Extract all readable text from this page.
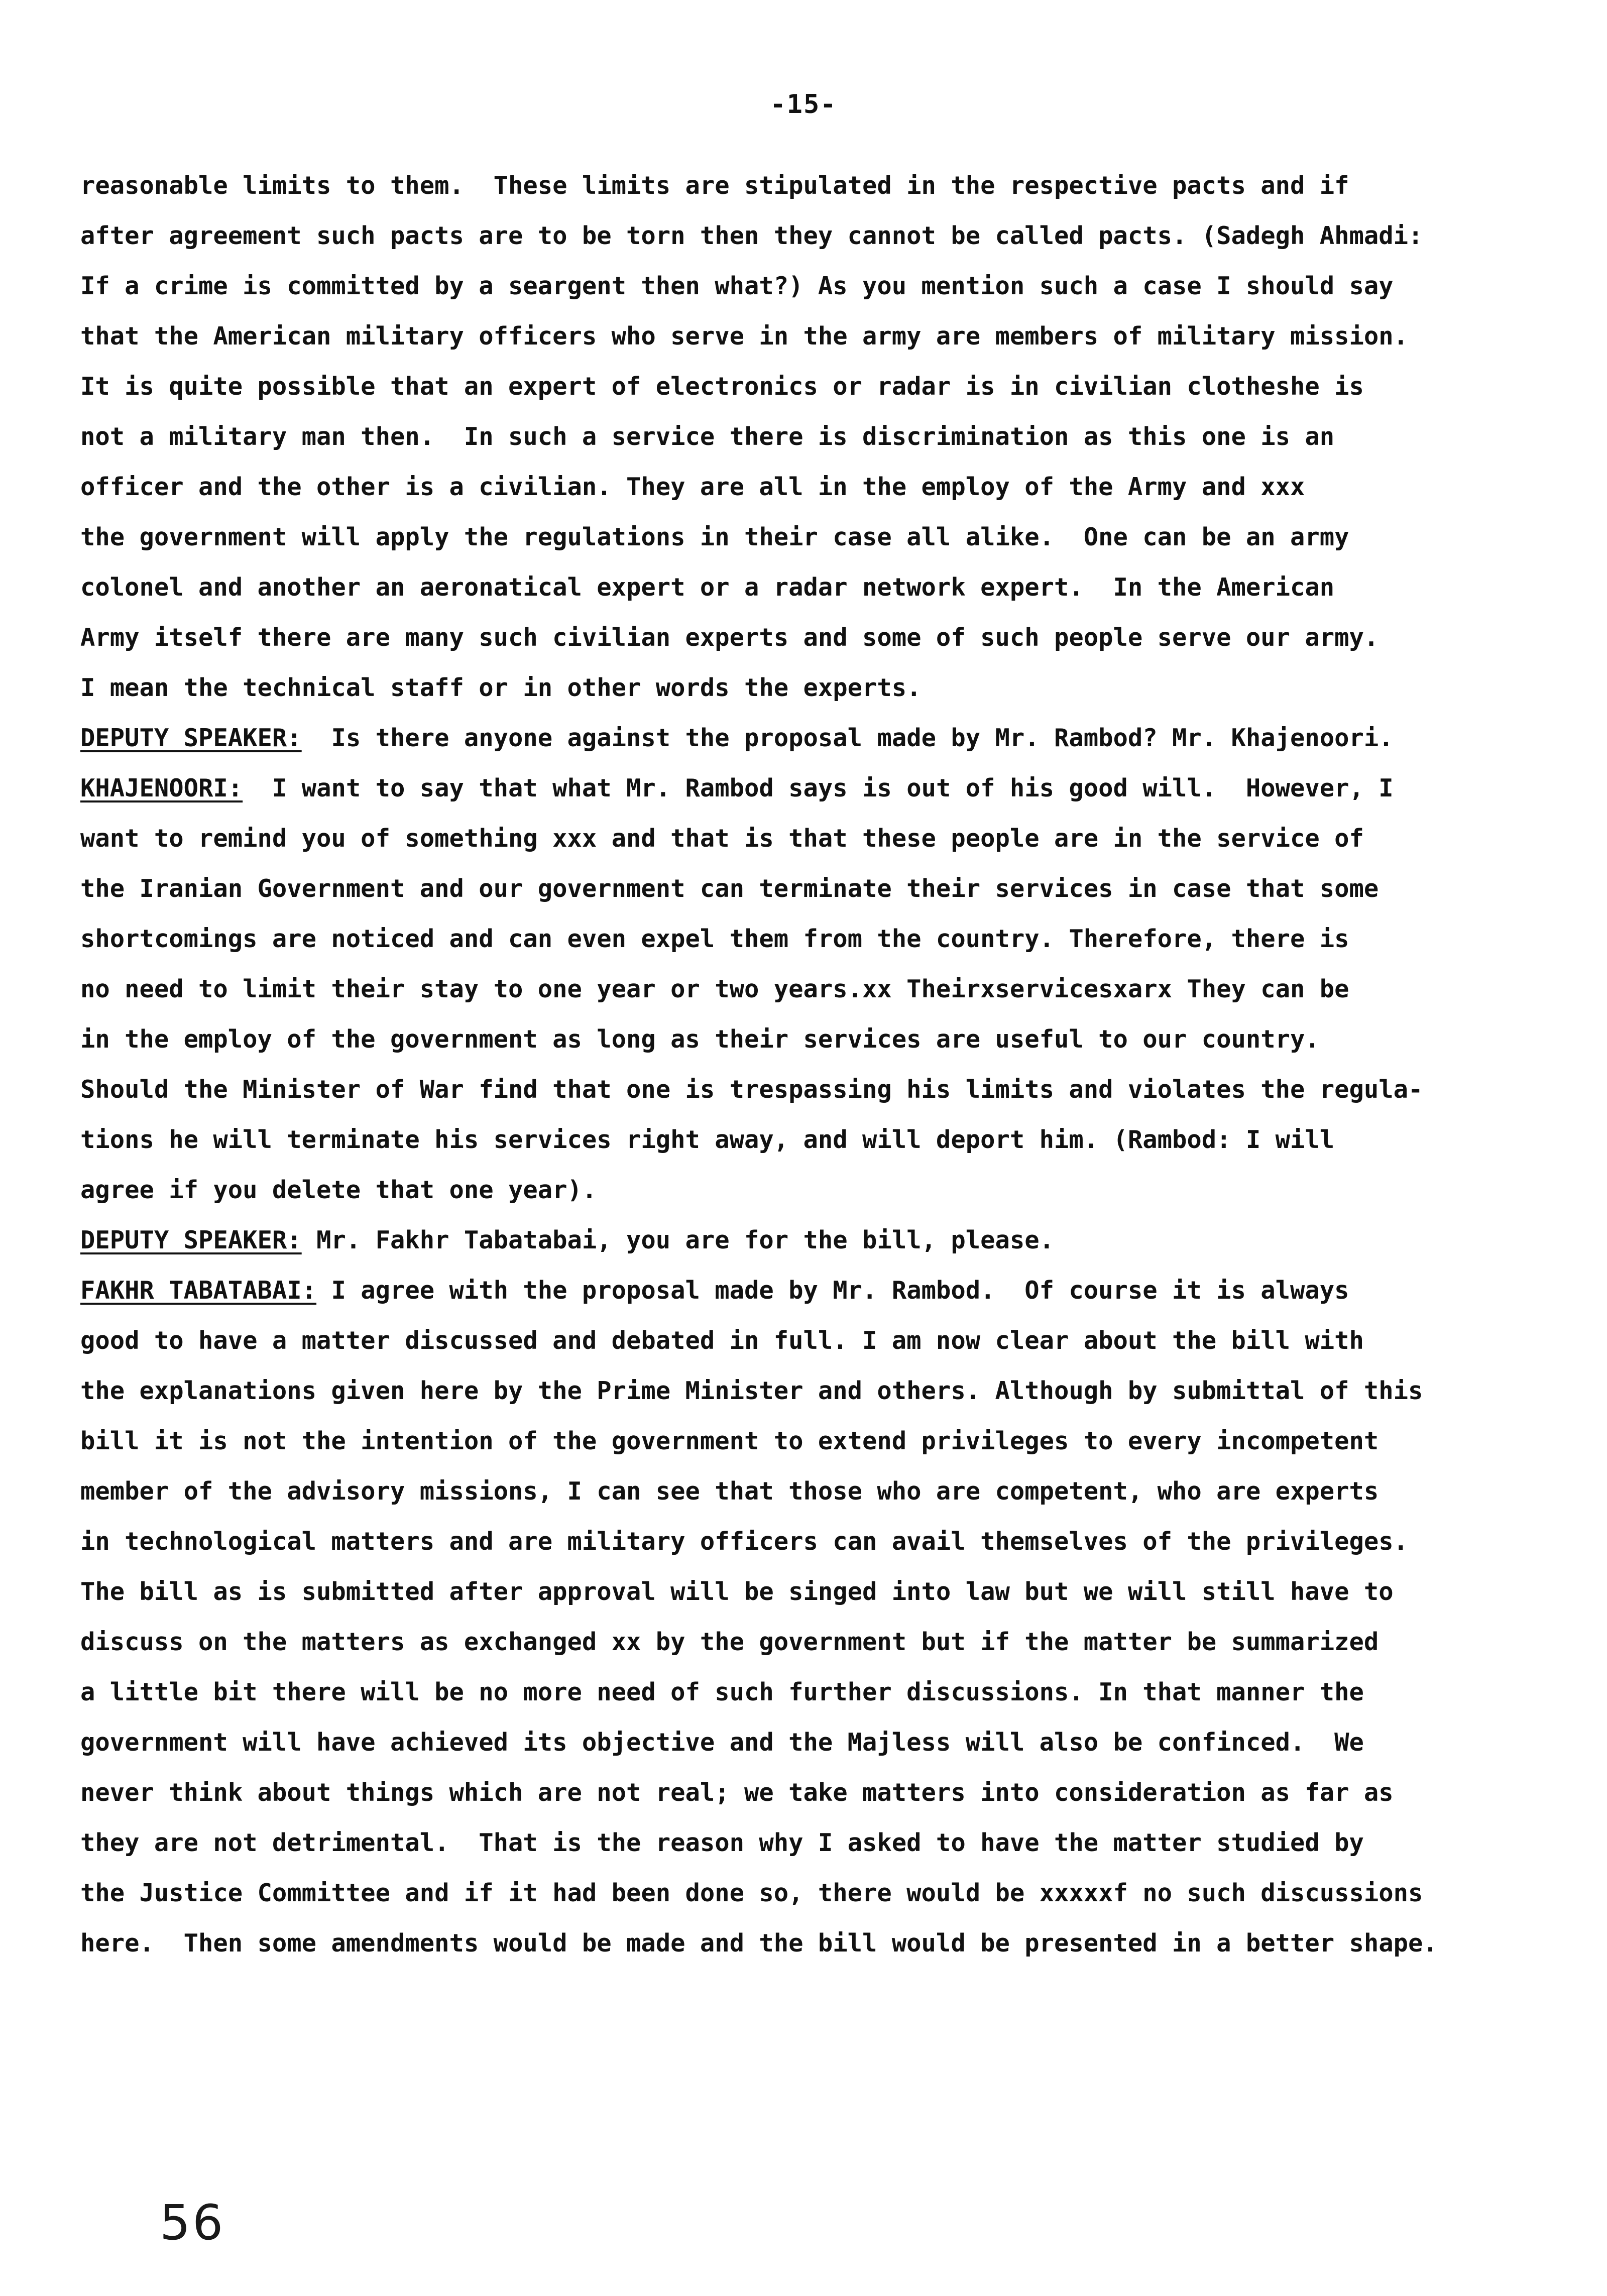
-15-
reasonable limits to them.  These limits are stipulated in the respective pacts and if
after agreement such pacts are to be torn then they cannot be called pacts. (Sadegh Ahmadi:
If a crime is committed by a seargent then what?) As you mention such a case I should say
that the American military officers who serve in the army are members of military mission.
It is quite possible that an expert of electronics or radar is in civilian clotheshe is
not a military man then.  In such a service there is discrimination as this one is an
officer and the other is a civilian. They are all in the employ of the Army and xxx
the government will apply the regulations in their case all alike.  One can be an army
colonel and another an aeronatical expert or a radar network expert.  In the American
Army itself there are many such civilian experts and some of such people serve our army.
I mean the technical staff or in other words the experts.
DEPUTY SPEAKER:  Is there anyone against the proposal made by Mr. Rambod? Mr. Khajenoori.
KHAJENOORI:  I want to say that what Mr. Rambod says is out of his good will.  However, I
want to remind you of something xxx and that is that these people are in the service of
the Iranian Government and our government can terminate their services in case that some
shortcomings are noticed and can even expel them from the country. Therefore, there is
no need to limit their stay to one year or two years.xx Theirxservicesxarx They can be
in the employ of the government as long as their services are useful to our country.
Should the Minister of War find that one is trespassing his limits and violates the regula-
tions he will terminate his services right away, and will deport him. (Rambod: I will
agree if you delete that one year).
DEPUTY SPEAKER: Mr. Fakhr Tabatabai, you are for the bill, please.
FAKHR TABATABAI: I agree with the proposal made by Mr. Rambod.  Of course it is always
good to have a matter discussed and debated in full. I am now clear about the bill with
the explanations given here by the Prime Minister and others. Although by submittal of this
bill it is not the intention of the government to extend privileges to every incompetent
member of the advisory missions, I can see that those who are competent, who are experts
in technological matters and are military officers can avail themselves of the privileges.
The bill as is submitted after approval will be singed into law but we will still have to
discuss on the matters as exchanged xx by the government but if the matter be summarized
a little bit there will be no more need of such further discussions. In that manner the
government will have achieved its objective and the Majless will also be confinced.  We
never think about things which are not real; we take matters into consideration as far as
they are not detrimental.  That is the reason why I asked to have the matter studied by
the Justice Committee and if it had been done so, there would be xxxxxf no such discussions
here.  Then some amendments would be made and the bill would be presented in a better shape.
56
